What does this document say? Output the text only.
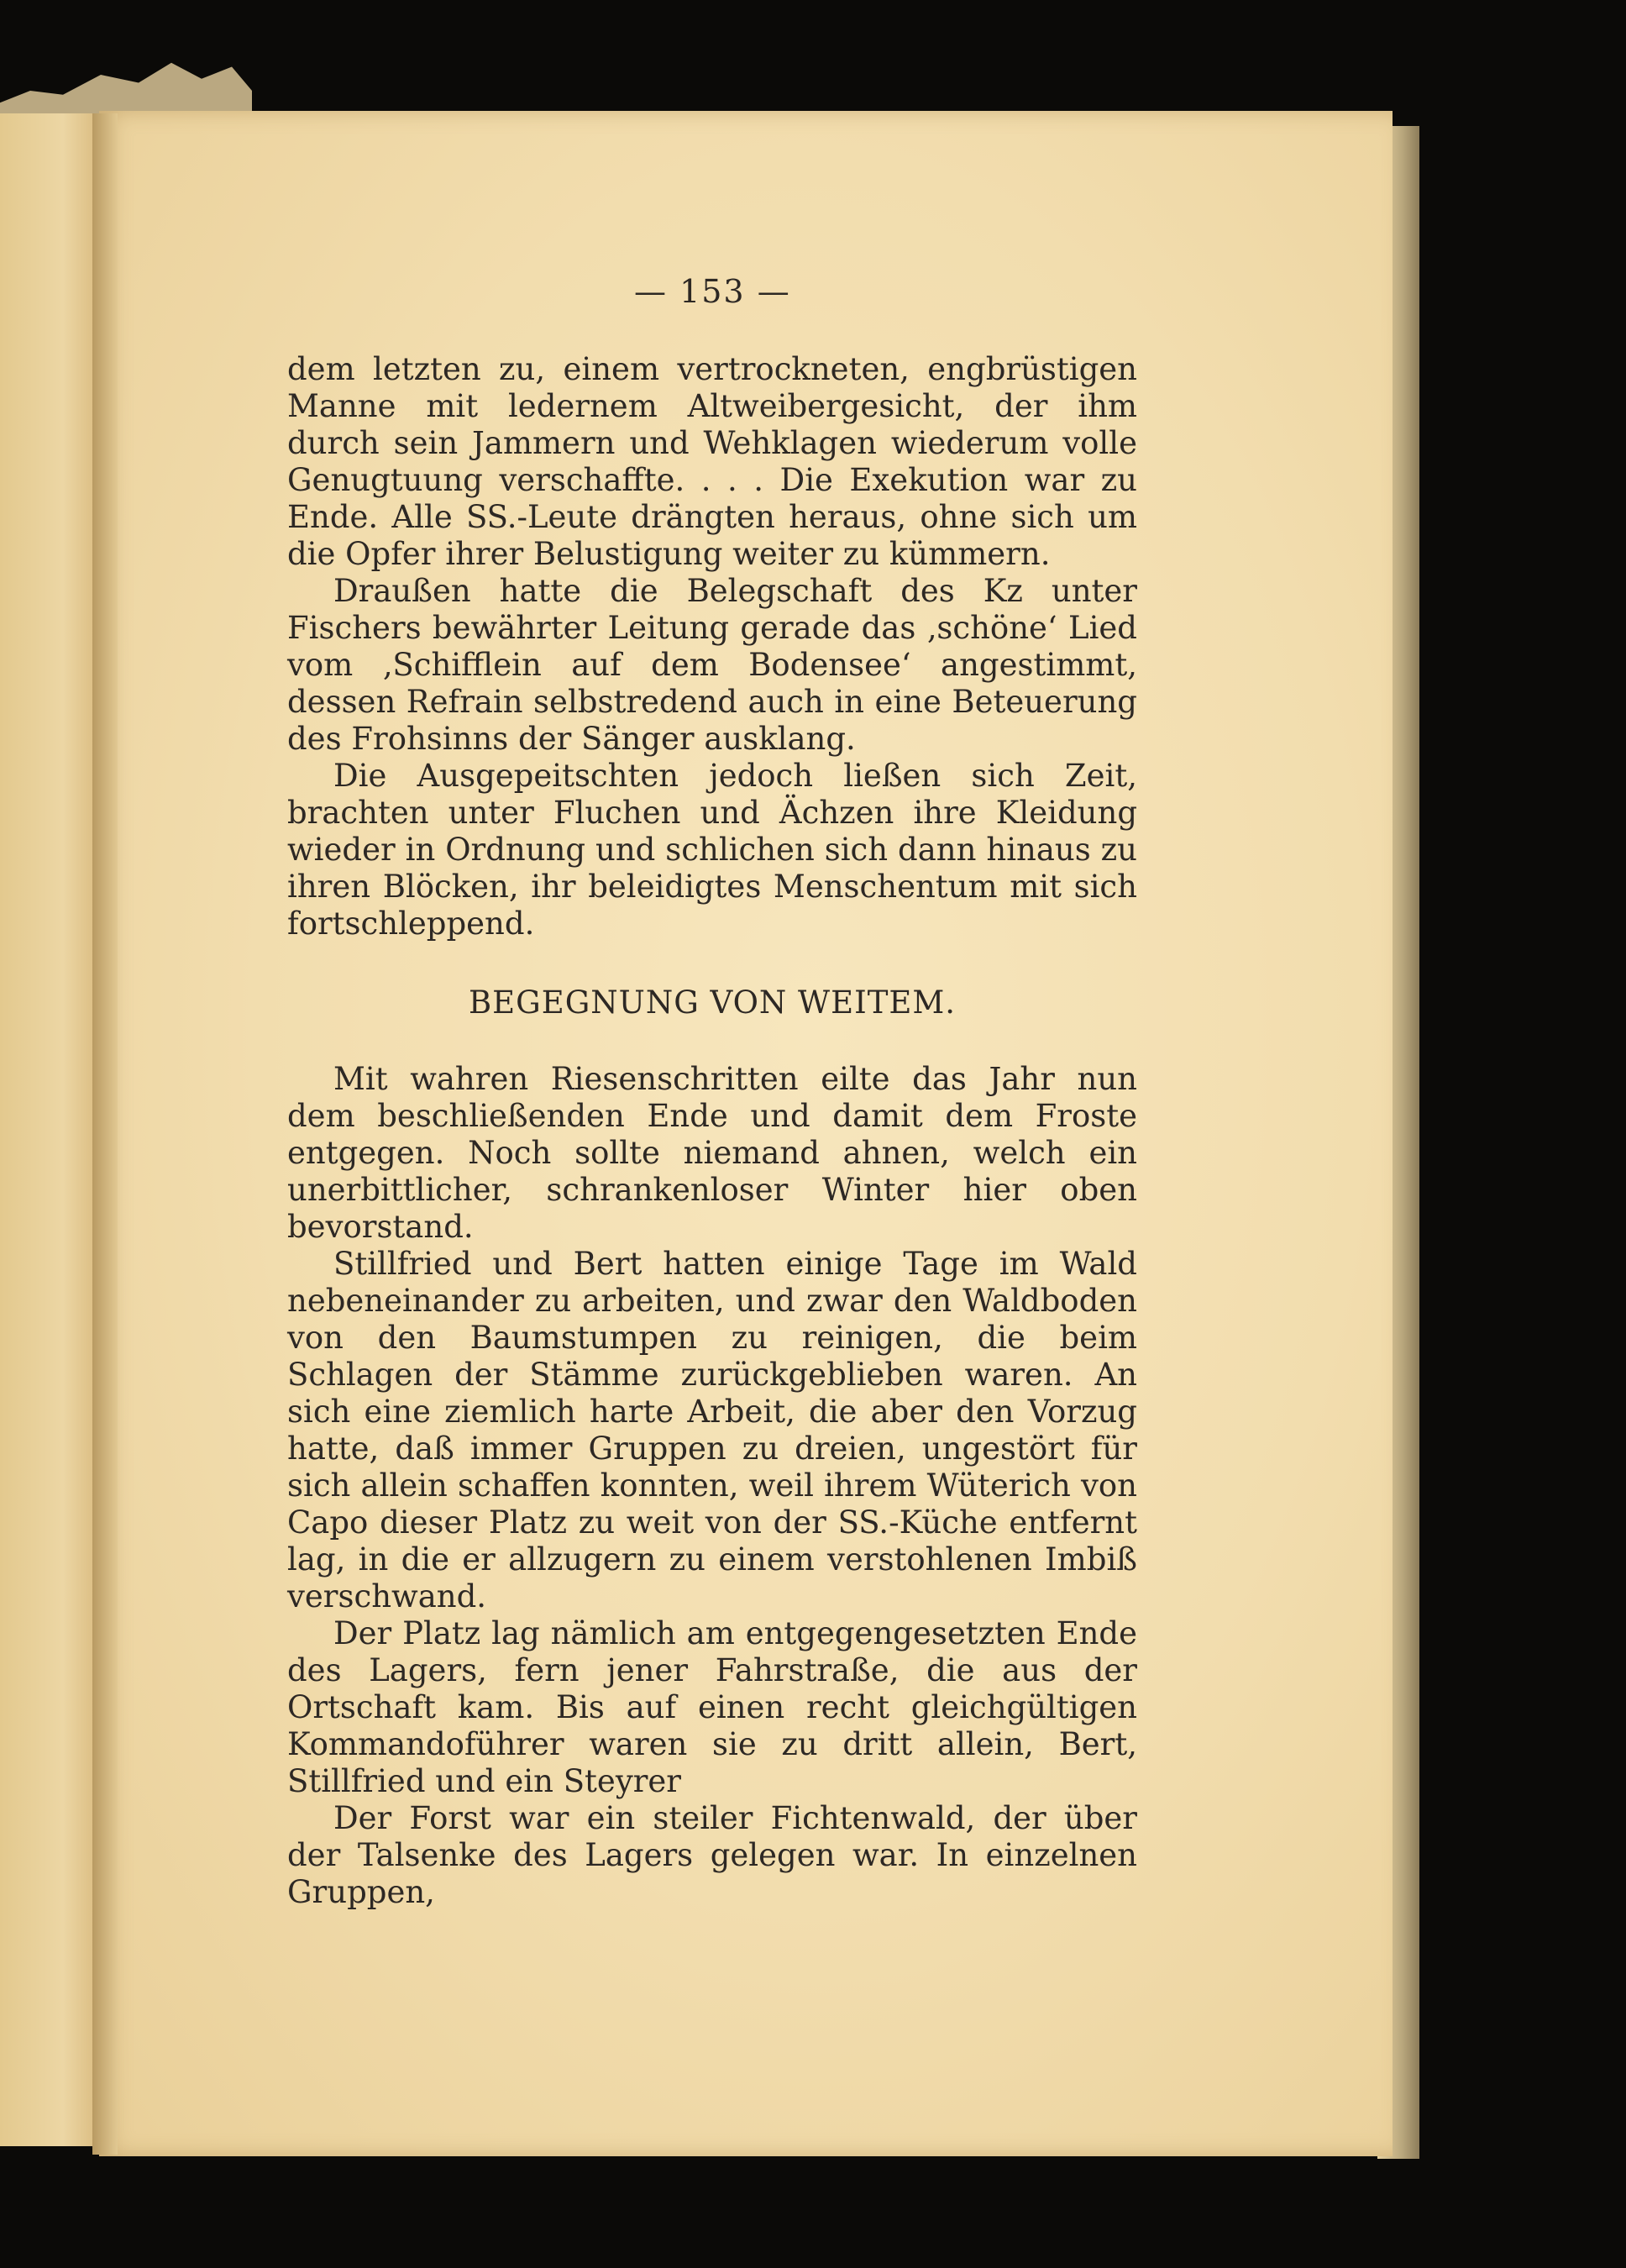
— 153 —

dem letzten zu, einem vertrockneten, engbrüstigen Manne mit ledernem Altweibergesicht, der ihm durch sein Jammern und Wehklagen wiederum volle Genugtuung verschaffte. . . . Die Exekution war zu Ende. Alle SS.-Leute drängten heraus, ohne sich um die Opfer ihrer Belustigung weiter zu kümmern.

Draußen hatte die Belegschaft des Kz unter Fischers bewährter Leitung gerade das ‚schöne‘ Lied vom ‚Schifflein auf dem Bodensee‘ angestimmt, dessen Refrain selbstredend auch in eine Beteuerung des Frohsinns der Sänger ausklang.

Die Ausgepeitschten jedoch ließen sich Zeit, brachten unter Fluchen und Ächzen ihre Kleidung wieder in Ordnung und schlichen sich dann hinaus zu ihren Blöcken, ihr beleidigtes Menschentum mit sich fortschleppend.

BEGEGNUNG VON WEITEM.

Mit wahren Riesenschritten eilte das Jahr nun dem beschließenden Ende und damit dem Froste entgegen. Noch sollte niemand ahnen, welch ein unerbittlicher, schrankenloser Winter hier oben bevorstand.

Stillfried und Bert hatten einige Tage im Wald nebeneinander zu arbeiten, und zwar den Waldboden von den Baumstumpen zu reinigen, die beim Schlagen der Stämme zurückgeblieben waren. An sich eine ziemlich harte Arbeit, die aber den Vorzug hatte, daß immer Gruppen zu dreien, ungestört für sich allein schaffen konnten, weil ihrem Wüterich von Capo dieser Platz zu weit von der SS.-Küche entfernt lag, in die er allzugern zu einem verstohlenen Imbiß verschwand.

Der Platz lag nämlich am entgegengesetzten Ende des Lagers, fern jener Fahrstraße, die aus der Ortschaft kam. Bis auf einen recht gleichgültigen Kommandoführer waren sie zu dritt allein, Bert, Stillfried und ein Steyrer

Der Forst war ein steiler Fichtenwald, der über der Talsenke des Lagers gelegen war. In einzelnen Gruppen,
